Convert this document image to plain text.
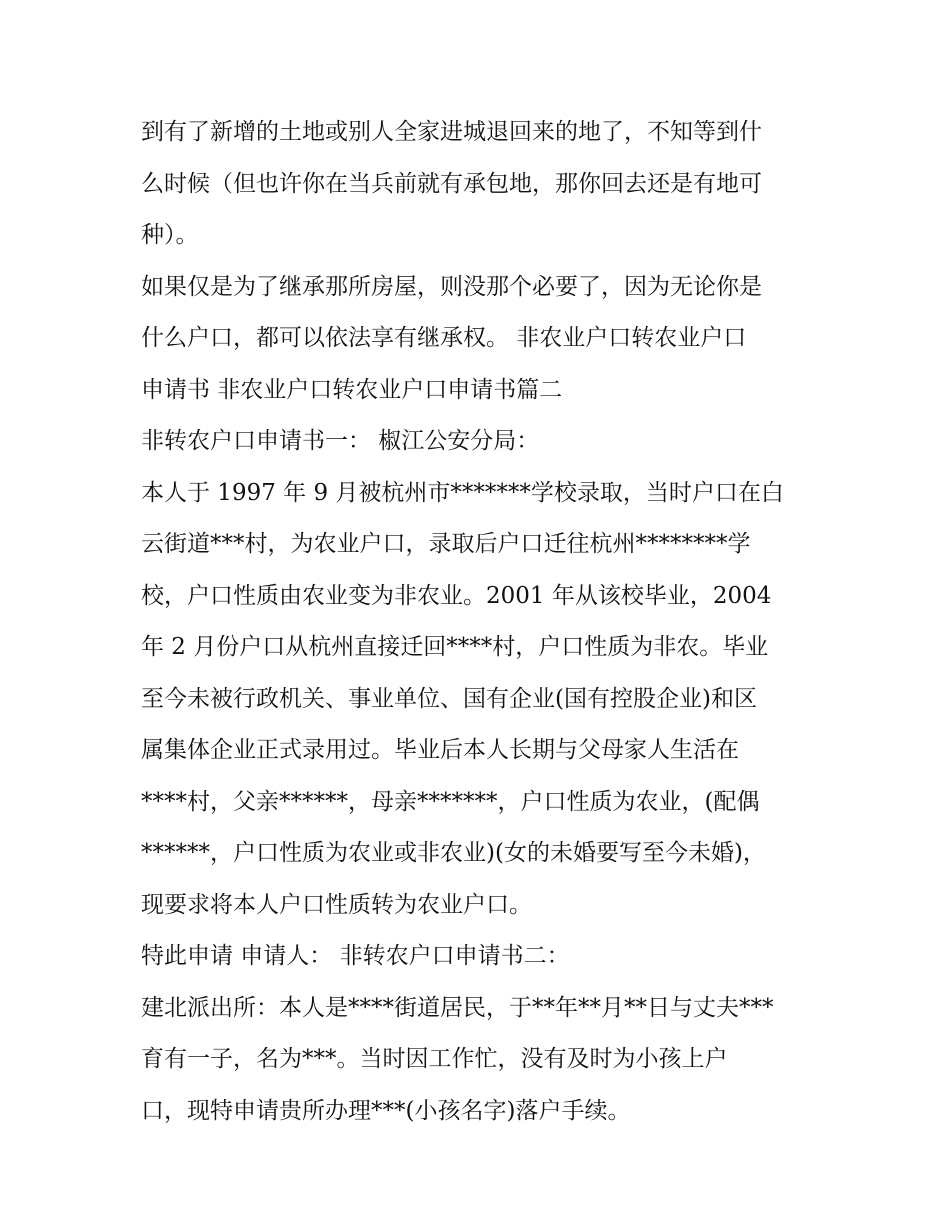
到有了新增的土地或别人全家进城退回来的地了，不知等到什
么时候（但也许你在当兵前就有承包地，那你回去还是有地可
种）。
如果仅是为了继承那所房屋，则没那个必要了，因为无论你是
什么户口，都可以依法享有继承权。 非农业户口转农业户口
申请书 非农业户口转农业户口申请书篇二
非转农户口申请书一： 椒江公安分局：
本人于 1997 年 9 月被杭州市*******学校录取，当时户口在白
云街道***村，为农业户口，录取后户口迁往杭州********学
校，户口性质由农业变为非农业。2001 年从该校毕业，2004
年 2 月份户口从杭州直接迁回****村，户口性质为非农。毕业
至今未被行政机关、事业单位、国有企业(国有控股企业)和区
属集体企业正式录用过。毕业后本人长期与父母家人生活在
****村，父亲******，母亲*******，户口性质为农业，(配偶
******，户口性质为农业或非农业)(女的未婚要写至今未婚)，
现要求将本人户口性质转为农业户口。
特此申请 申请人： 非转农户口申请书二：
建北派出所：本人是****街道居民，于**年**月**日与丈夫***
育有一子，名为***。当时因工作忙，没有及时为小孩上户
口，现特申请贵所办理***(小孩名字)落户手续。
